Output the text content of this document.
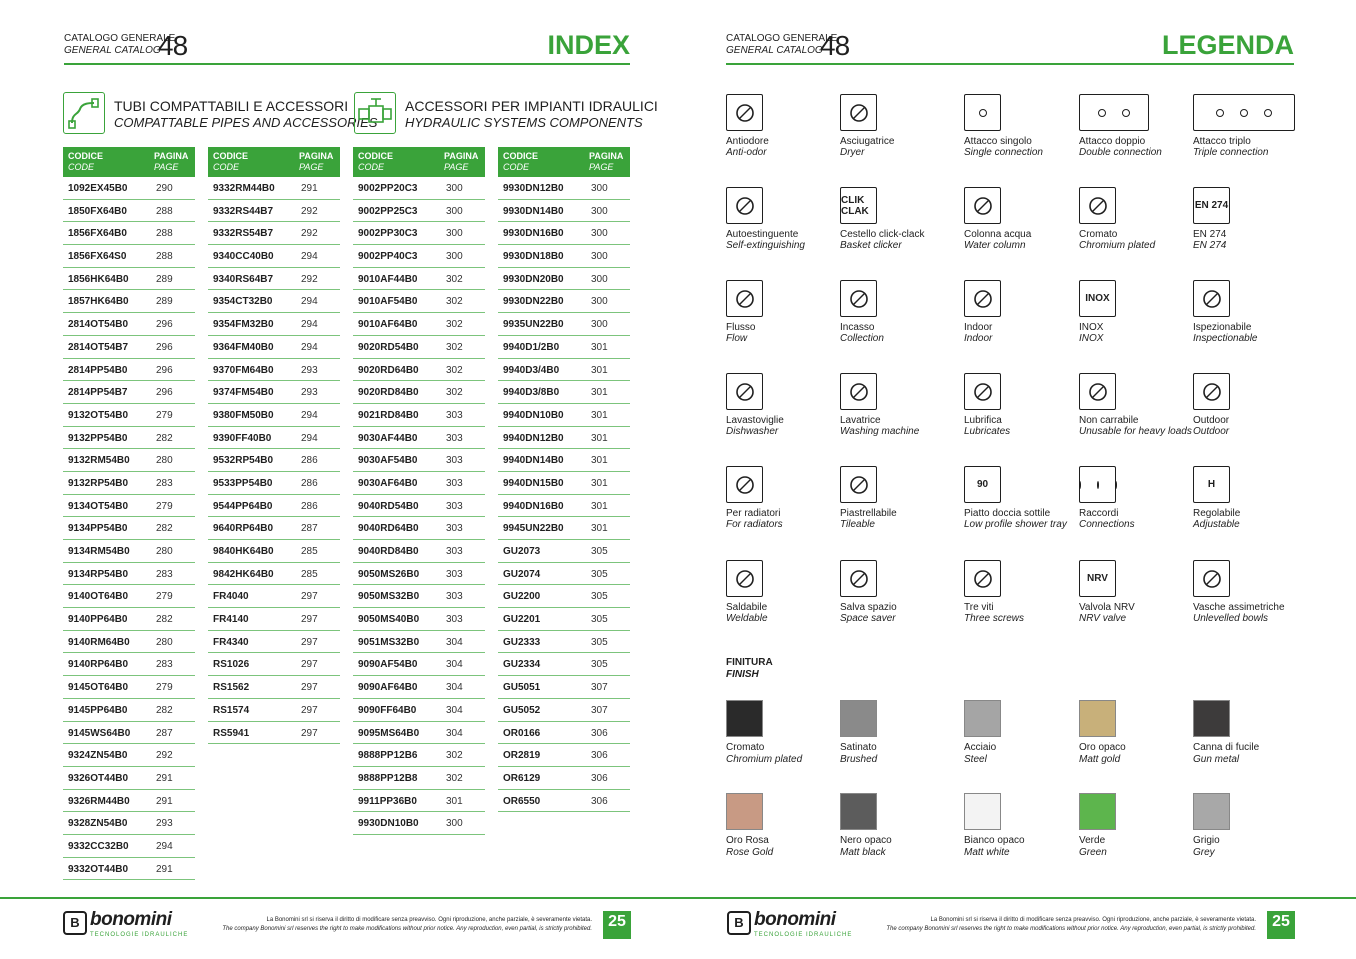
CATALOGO GENERALE
GENERAL CATALOG
48	INDEX
TUBI COMPATTABILI E ACCESSORI
COMPATTABLE PIPES AND ACCESSORIES
ACCESSORI PER IMPIANTI IDRAULICI
HYDRAULIC SYSTEMS COMPONENTS
CODICE
CODE
PAGINA
PAGE
1092EX45B0	290
1850FX64B0	288
1856FX64B0	288
1856FX64S0	288
1856HK64B0	289
1857HK64B0	289
2814OT54B0	296
2814OT54B7	296
2814PP54B0	296
2814PP54B7	296
9132OT54B0	279
9132PP54B0	282
9132RM54B0	280
9132RP54B0	283
9134OT54B0	279
9134PP54B0	282
9134RM54B0	280
9134RP54B0	283
9140OT64B0	279
9140PP64B0	282
9140RM64B0	280
9140RP64B0	283
9145OT64B0	279
9145PP64B0	282
9145WS64B0	287
9324ZN54B0	292
9326OT44B0	291
9326RM44B0	291
9328ZN54B0	293
9332CC32B0	294
9332OT44B0	291
CODICE
CODE
PAGINA
PAGE
9332RM44B0	291
9332RS44B7	292
9332RS54B7	292
9340CC40B0	294
9340RS64B7	292
9354CT32B0	294
9354FM32B0	294
9364FM40B0	294
9370FM64B0	293
9374FM54B0	293
9380FM50B0	294
9390FF40B0	294
9532RP54B0	286
9533PP54B0	286
9544PP64B0	286
9640RP64B0	287
9840HK64B0	285
9842HK64B0	285
FR4040	297
FR4140	297
FR4340	297
RS1026	297
RS1562	297
RS1574	297
RS5941	297
CODICE
CODE
PAGINA
PAGE
9002PP20C3	300
9002PP25C3	300
9002PP30C3	300
9002PP40C3	300
9010AF44B0	302
9010AF54B0	302
9010AF64B0	302
9020RD54B0	302
9020RD64B0	302
9020RD84B0	302
9021RD84B0	303
9030AF44B0	303
9030AF54B0	303
9030AF64B0	303
9040RD54B0	303
9040RD64B0	303
9040RD84B0	303
9050MS26B0	303
9050MS32B0	303
9050MS40B0	303
9051MS32B0	304
9090AF54B0	304
9090AF64B0	304
9090FF64B0	304
9095MS64B0	304
9888PP12B6	302
9888PP12B8	302
9911PP36B0	301
9930DN10B0	300
CODICE
CODE
PAGINA
PAGE
9930DN12B0	300
9930DN14B0	300
9930DN16B0	300
9930DN18B0	300
9930DN20B0	300
9930DN22B0	300
9935UN22B0	300
9940D1/2B0	301
9940D3/4B0	301
9940D3/8B0	301
9940DN10B0	301
9940DN12B0	301
9940DN14B0	301
9940DN15B0	301
9940DN16B0	301
9945UN22B0	301
GU2073	305
GU2074	305
GU2200	305
GU2201	305
GU2333	305
GU2334	305
GU5051	307
GU5052	307
OR0166	306
OR2819	306
OR6129	306
OR6550	306
B bonomini
TECNOLOGIE IDRAULICHE
La Bonomini srl si riserva il diritto di modificare senza preavviso. Ogni riproduzione, anche parziale, è severamente vietata.
The company Bonomini srl reserves the right to make modifications without prior notice. Any reproduction, even partial, is strictly prohibited.	25
CATALOGO GENERALE
GENERAL CATALOG
48	LEGENDA
Antiodore
Anti-odor
Asciugatrice
Dryer
Attacco singolo
Single connection
Attacco doppio
Double connection
Attacco triplo
Triple connection
Autoestinguente
Self-extinguishing
CLIK CLAK
Cestello click-clack
Basket clicker
Colonna acqua
Water column
Cromato
Chromium plated
EN 274
EN 274
EN 274
Flusso
Flow
Incasso
Collection
Indoor
Indoor
INOX
INOX
INOX
Ispezionabile
Inspectionable
Lavastoviglie
Dishwasher
Lavatrice
Washing machine
Lubrifica
Lubricates
Non carrabile
Unusable for heavy loads
Outdoor
Outdoor
Per radiatori
For radiators
Piastrellabile
Tileable
90
Piatto doccia sottile
Low profile shower tray
Raccordi
Connections
H
Regolabile
Adjustable
Saldabile
Weldable
Salva spazio
Space saver
Tre viti
Three screws
NRV
Valvola NRV
NRV valve
Vasche assimetriche
Unlevelled bowls
FINITURA
FINISH
Cromato
Chromium plated
Satinato
Brushed
Acciaio
Steel
Oro opaco
Matt gold
Canna di fucile
Gun metal
Oro Rosa
Rose Gold
Nero opaco
Matt black
Bianco opaco
Matt white
Verde
Green
Grigio
Grey
B bonomini
TECNOLOGIE IDRAULICHE
La Bonomini srl si riserva il diritto di modificare senza preavviso. Ogni riproduzione, anche parziale, è severamente vietata.
The company Bonomini srl reserves the right to make modifications without prior notice. Any reproduction, even partial, is strictly prohibited.	25
